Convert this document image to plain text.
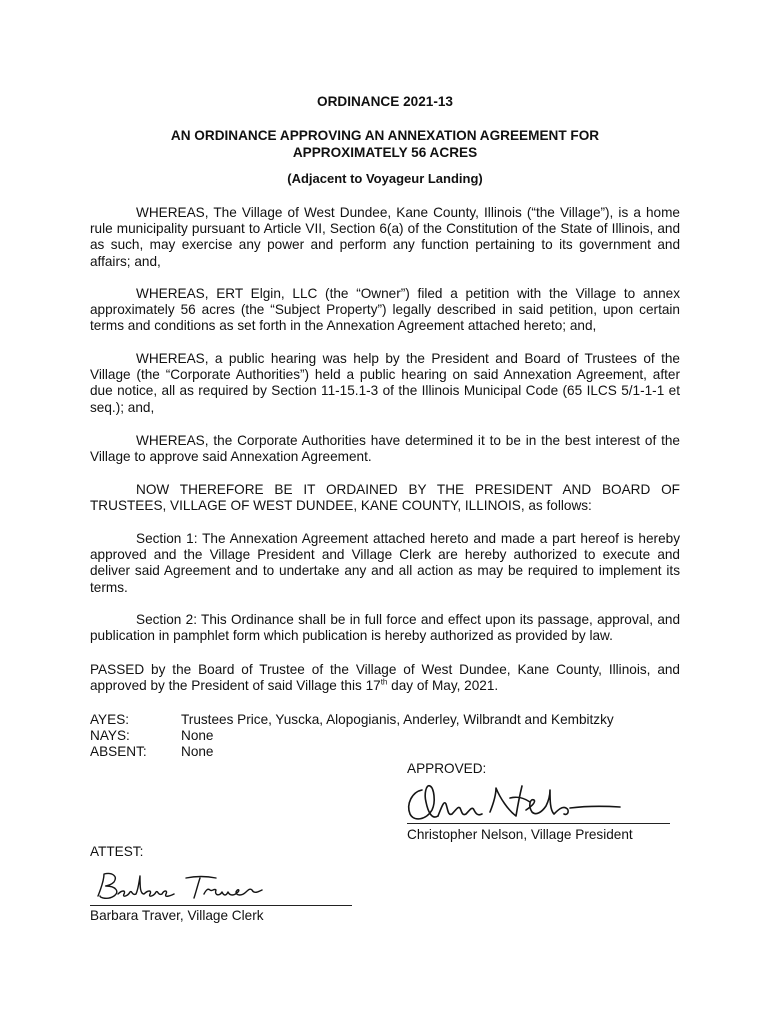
ORDINANCE 2021-13
AN ORDINANCE APPROVING AN ANNEXATION AGREEMENT FOR
APPROXIMATELY 56 ACRES
(Adjacent to Voyageur Landing)
WHEREAS, The Village of West Dundee, Kane County, Illinois (“the Village”), is a home rule municipality pursuant to Article VII, Section 6(a) of the Constitution of the State of Illinois, and as such, may exercise any power and perform any function pertaining to its government and affairs; and,
WHEREAS, ERT Elgin, LLC (the “Owner”) filed a petition with the Village to annex approximately 56 acres (the “Subject Property”) legally described in said petition, upon certain terms and conditions as set forth in the Annexation Agreement attached hereto; and,
WHEREAS, a public hearing was help by the President and Board of Trustees of the Village (the “Corporate Authorities”) held a public hearing on said Annexation Agreement, after due notice, all as required by Section 11-15.1-3 of the Illinois Municipal Code (65 ILCS 5/1-1-1 et seq.); and,
WHEREAS, the Corporate Authorities have determined it to be in the best interest of the Village to approve said Annexation Agreement.
NOW THEREFORE BE IT ORDAINED BY THE PRESIDENT AND BOARD OF TRUSTEES, VILLAGE OF WEST DUNDEE, KANE COUNTY, ILLINOIS, as follows:
Section 1: The Annexation Agreement attached hereto and made a part hereof is hereby approved and the Village President and Village Clerk are hereby authorized to execute and deliver said Agreement and to undertake any and all action as may be required to implement its terms.
Section 2: This Ordinance shall be in full force and effect upon its passage, approval, and publication in pamphlet form which publication is hereby authorized as provided by law.
PASSED by the Board of Trustee of the Village of West Dundee, Kane County, Illinois, and approved by the President of said Village this 17th day of May, 2021.
AYES:	Trustees Price, Yuscka, Alopogianis, Anderley, Wilbrandt and Kembitzky
NAYS:	None
ABSENT:	None
APPROVED:
Christopher Nelson, Village President
ATTEST:
Barbara Traver, Village Clerk
